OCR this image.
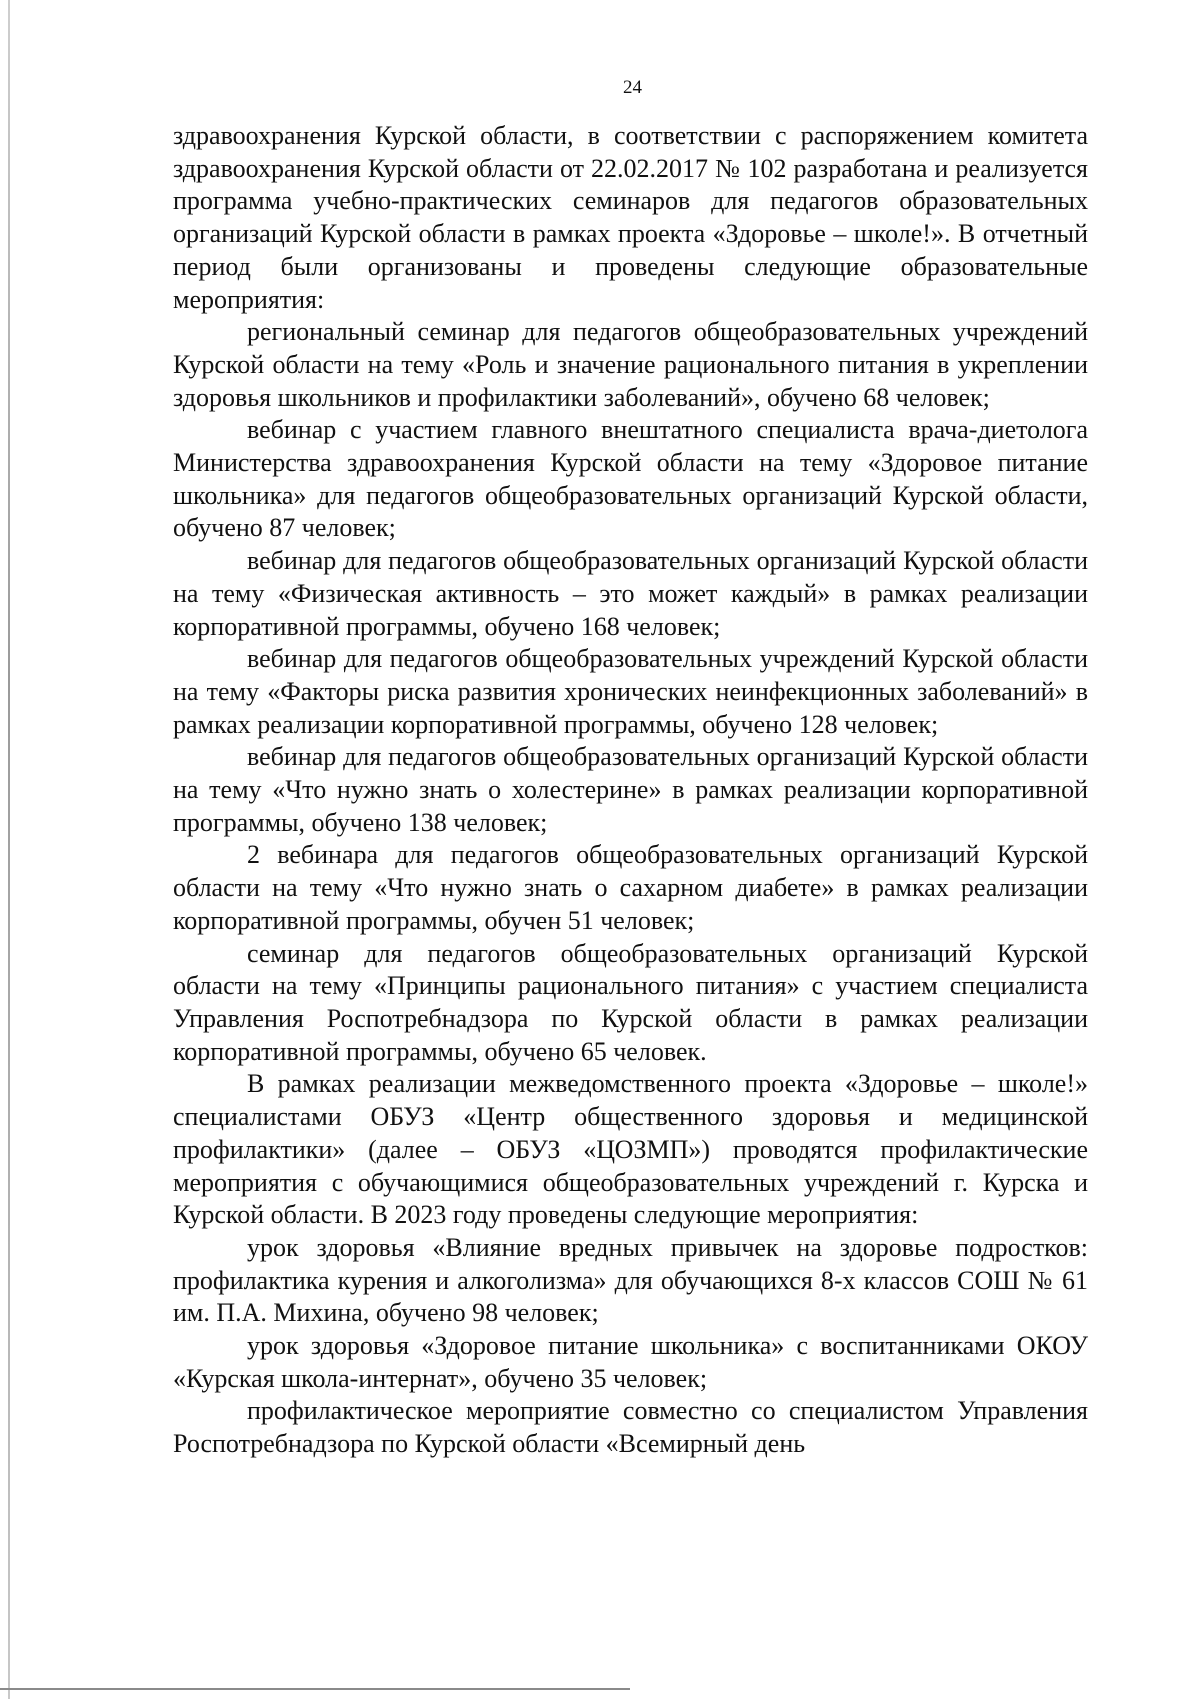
24

здравоохранения Курской области, в соответствии с распоряжением комитета здравоохранения Курской области от 22.02.2017 № 102 разработана и реализуется программа учебно-практических семинаров для педагогов образовательных организаций Курской области в рамках проекта «Здоровье – школе!». В отчетный период были организованы и проведены следующие образовательные мероприятия:

региональный семинар для педагогов общеобразовательных учреждений Курской области на тему «Роль и значение рационального питания в укреплении здоровья школьников и профилактики заболеваний», обучено 68 человек;

вебинар с участием главного внештатного специалиста врача-диетолога Министерства здравоохранения Курской области на тему «Здоровое питание школьника» для педагогов общеобразовательных организаций Курской области, обучено 87 человек;

вебинар для педагогов общеобразовательных организаций Курской области на тему «Физическая активность – это может каждый» в рамках реализации корпоративной программы, обучено 168 человек;

вебинар для педагогов общеобразовательных учреждений Курской области на тему «Факторы риска развития хронических неинфекционных заболеваний» в рамках реализации корпоративной программы, обучено 128 человек;

вебинар для педагогов общеобразовательных организаций Курской области на тему «Что нужно знать о холестерине» в рамках реализации корпоративной программы, обучено 138 человек;

2 вебинара для педагогов общеобразовательных организаций Курской области на тему «Что нужно знать о сахарном диабете» в рамках реализации корпоративной программы, обучен 51 человек;

семинар для педагогов общеобразовательных организаций Курской области на тему «Принципы рационального питания» с участием специалиста Управления Роспотребнадзора по Курской области в рамках реализации корпоративной программы, обучено 65 человек.

В рамках реализации межведомственного проекта «Здоровье – школе!» специалистами ОБУЗ «Центр общественного здоровья и медицинской профилактики» (далее – ОБУЗ «ЦОЗМП») проводятся профилактические мероприятия с обучающимися общеобразовательных учреждений г. Курска и Курской области. В 2023 году проведены следующие мероприятия:

урок здоровья «Влияние вредных привычек на здоровье подростков: профилактика курения и алкоголизма» для обучающихся 8-х классов СОШ № 61 им. П.А. Михина, обучено 98 человек;

урок здоровья «Здоровое питание школьника» с воспитанниками ОКОУ «Курская школа-интернат», обучено 35 человек;

профилактическое мероприятие совместно со специалистом Управления Роспотребнадзора по Курской области «Всемирный день
